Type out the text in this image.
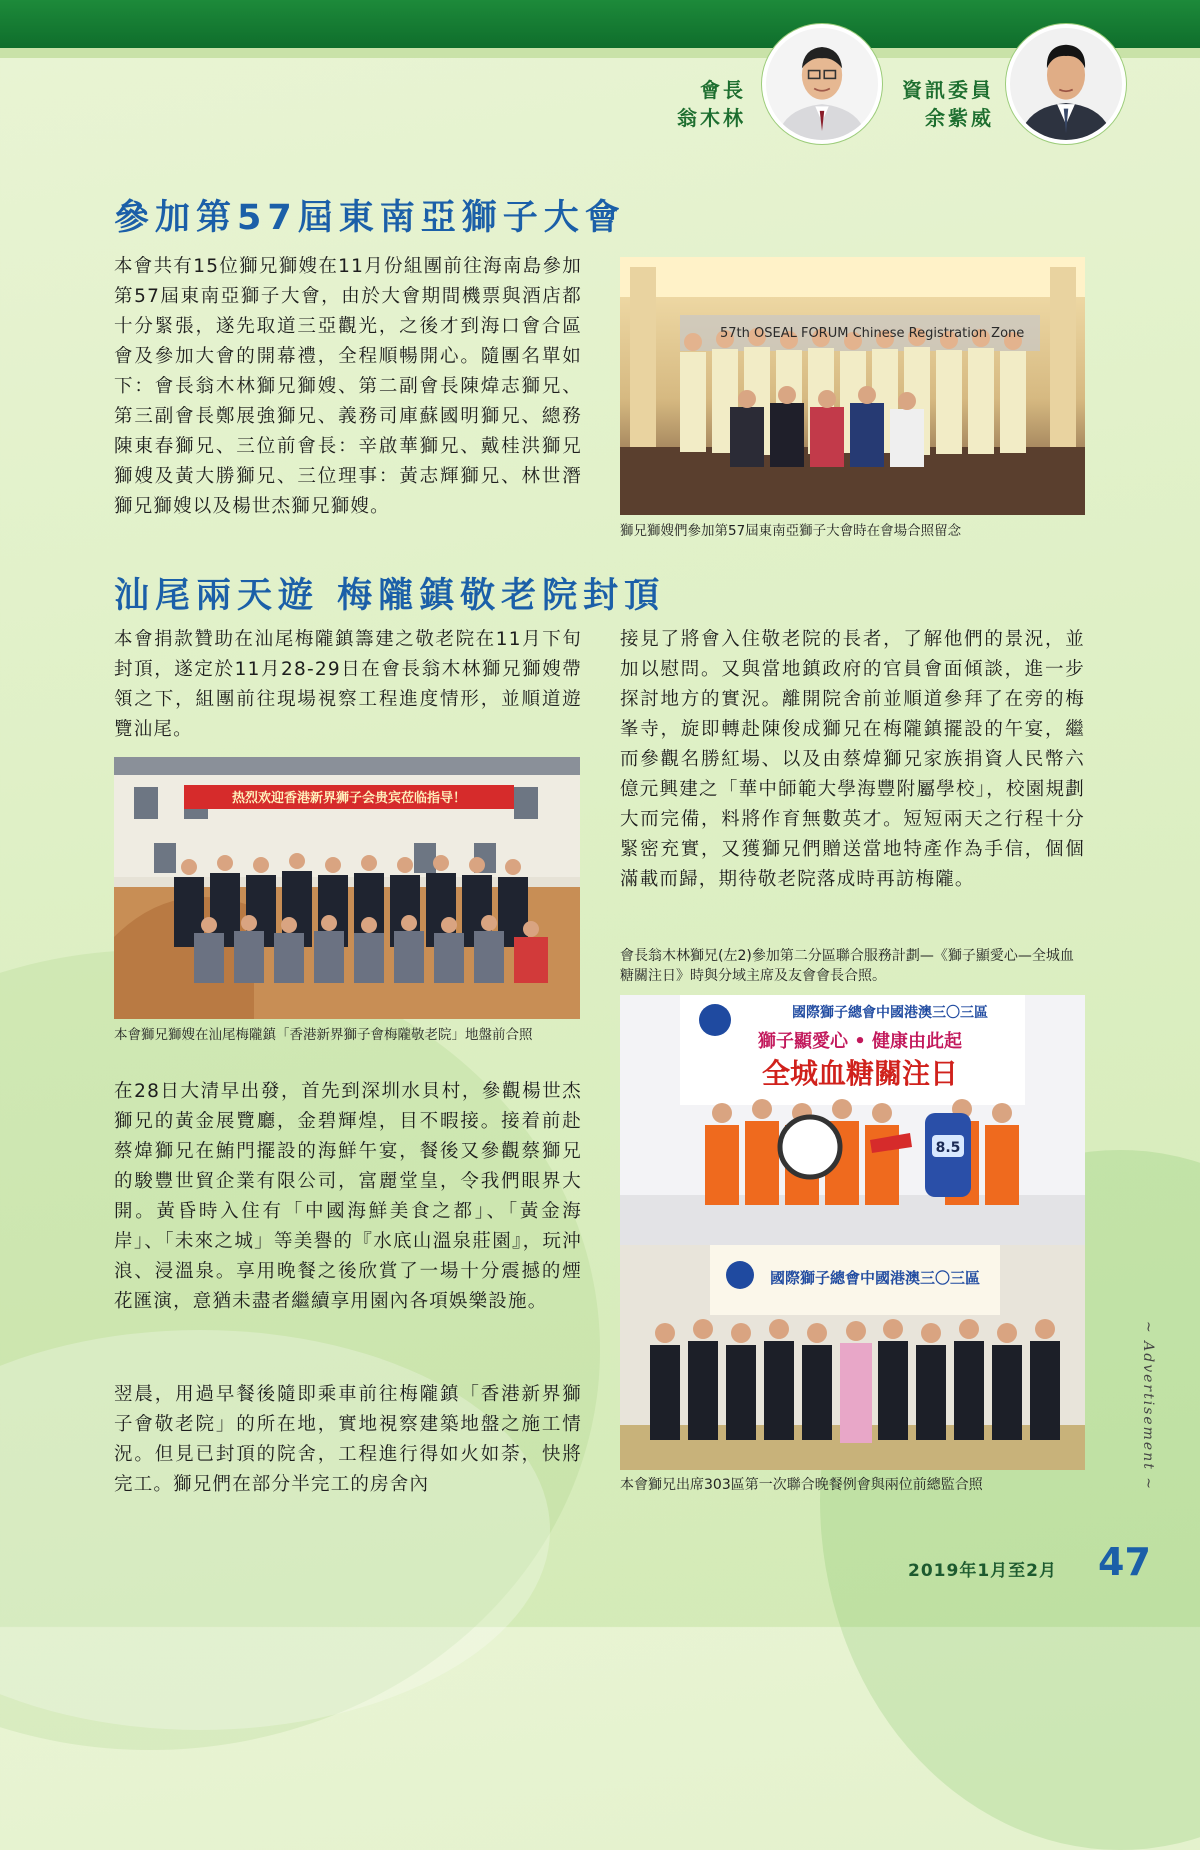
會長
翁木林
資訊委員
余紫威
參加第57屆東南亞獅子大會

本會共有15位獅兄獅嫂在11月份組團前往海南島參加第57屆東南亞獅子大會，由於大會期間機票與酒店都十分緊張，遂先取道三亞觀光，之後才到海口會合區會及參加大會的開幕禮，全程順暢開心。隨團名單如下：會長翁木林獅兄獅嫂、第二副會長陳煒志獅兄、第三副會長鄭展強獅兄、義務司庫蘇國明獅兄、總務陳東春獅兄、三位前會長：辛啟華獅兄、戴桂洪獅兄獅嫂及黃大勝獅兄、三位理事：黃志輝獅兄、林世潛獅兄獅嫂以及楊世杰獅兄獅嫂。

57th OSEAL FORUM Chinese Registration Zone

獅兄獅嫂們參加第57屆東南亞獅子大會時在會場合照留念

汕尾兩天遊 梅隴鎮敬老院封頂

本會捐款贊助在汕尾梅隴鎮籌建之敬老院在11月下旬封頂，遂定於11月28-29日在會長翁木林獅兄獅嫂帶領之下，組團前往現場視察工程進度情形，並順道遊覽汕尾。

热烈欢迎香港新界狮子会贵宾莅临指导！

本會獅兄獅嫂在汕尾梅隴鎮「香港新界獅子會梅隴敬老院」地盤前合照

在28日大清早出發，首先到深圳水貝村，參觀楊世杰獅兄的黃金展覽廳，金碧輝煌，目不暇接。接着前赴蔡煒獅兄在鮪門擺設的海鮮午宴，餐後又參觀蔡獅兄的駿豐世貿企業有限公司，富麗堂皇，令我們眼界大開。黃昏時入住有「中國海鮮美食之都」、「黃金海岸」、「未來之城」等美譽的『水底山溫泉莊園』，玩沖浪、浸溫泉。享用晚餐之後欣賞了一場十分震撼的煙花匯演，意猶未盡者繼續享用園內各項娛樂設施。

翌晨，用過早餐後隨即乘車前往梅隴鎮「香港新界獅子會敬老院」的所在地，實地視察建築地盤之施工情況。但見已封頂的院舍，工程進行得如火如荼，快將完工。獅兄們在部分半完工的房舍內

接見了將會入住敬老院的長者，了解他們的景況，並加以慰問。又與當地鎮政府的官員會面傾談，進一步探討地方的實況。離開院舍前並順道參拜了在旁的梅峯寺，旋即轉赴陳俊成獅兄在梅隴鎮擺設的午宴，繼而參觀名勝紅場、以及由蔡煒獅兄家族捐資人民幣六億元興建之「華中師範大學海豐附屬學校」，校園規劃大而完備，料將作育無數英才。短短兩天之行程十分緊密充實，又獲獅兄們贈送當地特產作為手信，個個滿載而歸，期待敬老院落成時再訪梅隴。

會長翁木林獅兄(左2)參加第二分區聯合服務計劃—《獅子顯愛心—全城血糖關注日》時與分域主席及友會會長合照。

國際獅子總會中國港澳三〇三區
獅子顯愛心 • 健康由此起
全城血糖關注日
8.5
國際獅子總會中國港澳三〇三區

本會獅兄出席303區第一次聯合晚餐例會與兩位前總監合照	~ Advertisement ~
2019年1月至2月 47
